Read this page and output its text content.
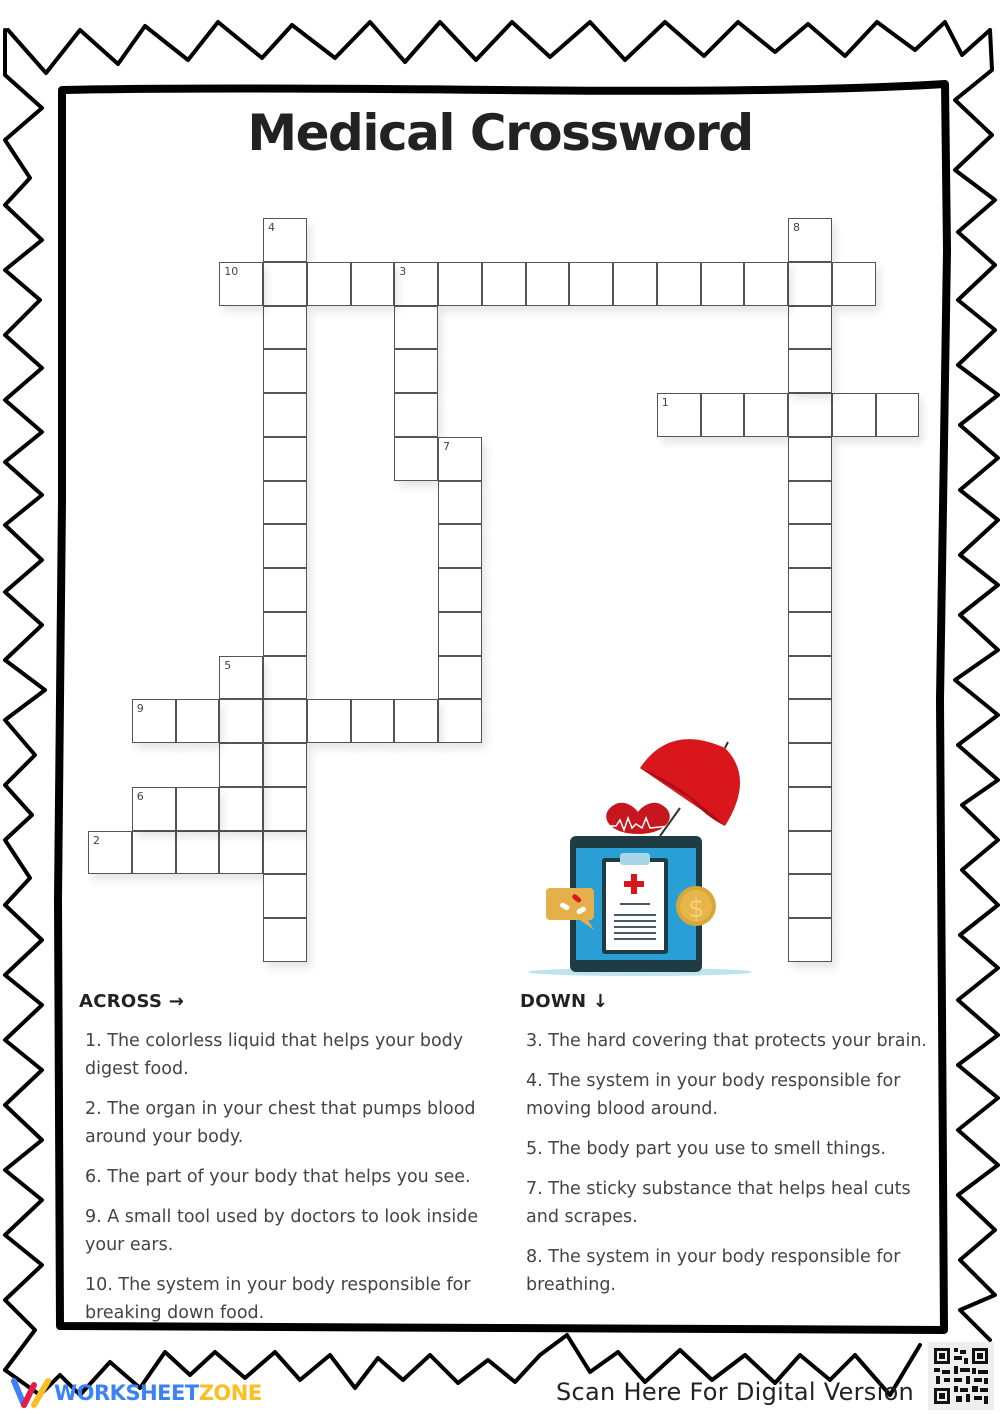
Medical Crossword
1
2
3
4
5
6
7
8
9
10
$
ACROSS →
1. The colorless liquid that helps your body digest food.
2. The organ in your chest that pumps blood around your body.
6. The part of your body that helps you see.
9. A small tool used by doctors to look inside your ears.
10. The system in your body responsible for breaking down food.
DOWN ↓
3. The hard covering that protects your brain.
4. The system in your body responsible for moving blood around.
5. The body part you use to smell things.
7. The sticky substance that helps heal cuts and scrapes.
8. The system in your body responsible for breathing.
WORKSHEET ZONE	Scan Here For Digital Version
